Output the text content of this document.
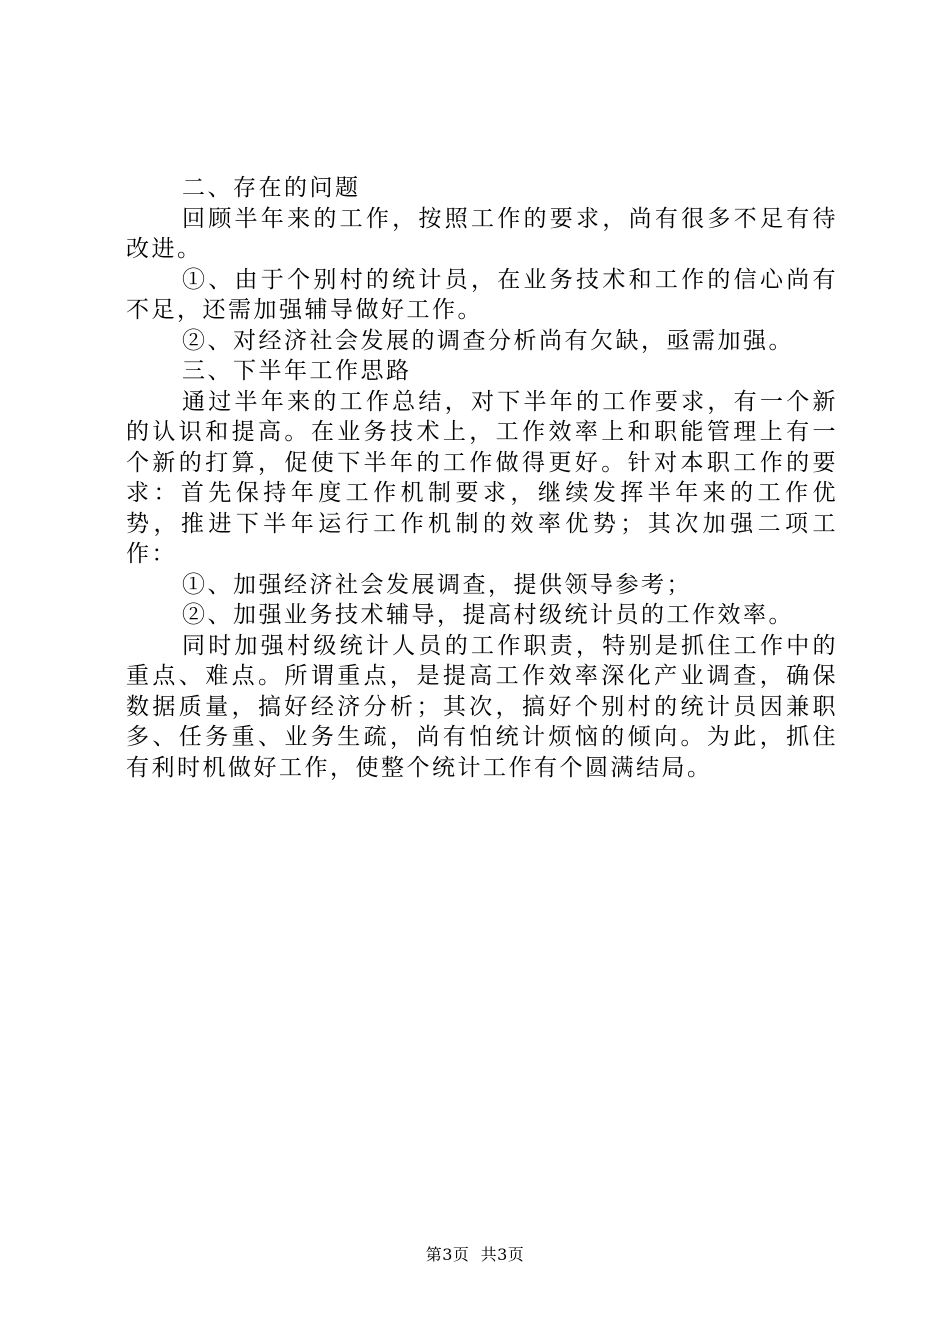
二、存在的问题

回顾半年来的工作，按照工作的要求，尚有很多不足有待改进。

①、由于个别村的统计员，在业务技术和工作的信心尚有不足，还需加强辅导做好工作。

②、对经济社会发展的调查分析尚有欠缺，亟需加强。

三、下半年工作思路

通过半年来的工作总结，对下半年的工作要求，有一个新的认识和提高。在业务技术上，工作效率上和职能管理上有一个新的打算，促使下半年的工作做得更好。针对本职工作的要求：首先保持年度工作机制要求，继续发挥半年来的工作优势，推进下半年运行工作机制的效率优势；其次加强二项工作：

①、加强经济社会发展调查，提供领导参考；

②、加强业务技术辅导，提高村级统计员的工作效率。

同时加强村级统计人员的工作职责，特别是抓住工作中的重点、难点。所谓重点，是提高工作效率深化产业调查，确保数据质量，搞好经济分析；其次，搞好个别村的统计员因兼职多、任务重、业务生疏，尚有怕统计烦恼的倾向。为此，抓住有利时机做好工作，使整个统计工作有个圆满结局。

第3页  共3页
